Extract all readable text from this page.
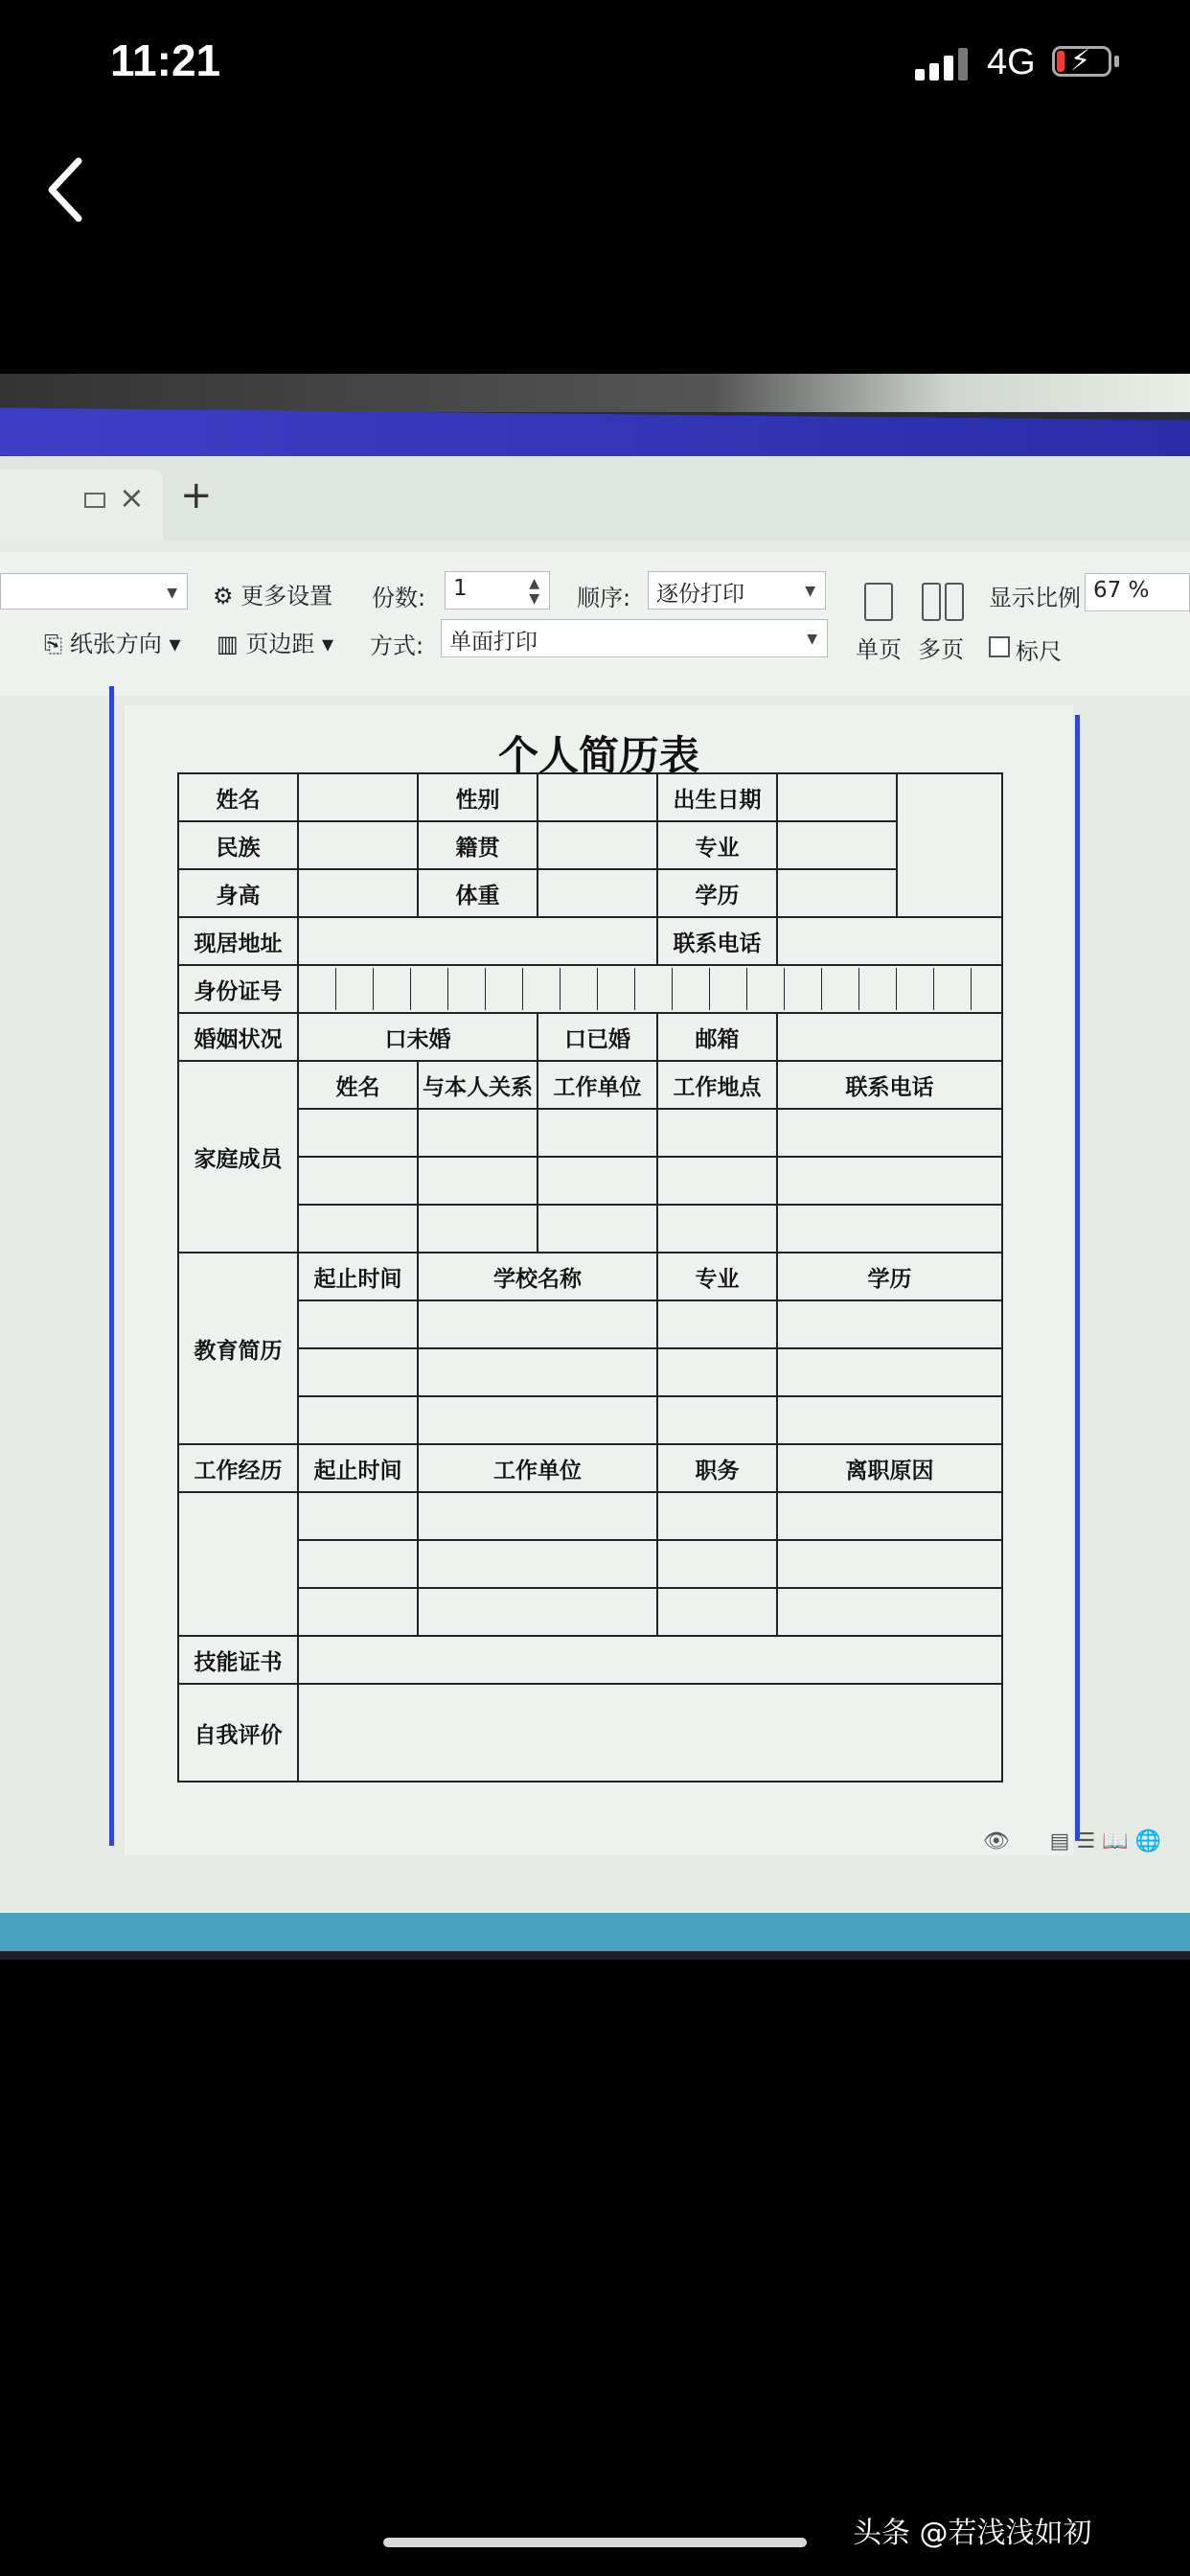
11:21	4G ⚡
× +
▼ ⚙ 更多设置 份数:	1	▲
▼ 顺序:	逐份打印	▼
单页 多页
显示比例 67 %
标尺
⎘ 纸张方向 ▾ ▥ 页边距 ▾ 方式:	单面打印	▼
个人简历表
姓名		性别		出生日期		
民族		籍贯		专业		
身高		体重		学历		
现居地址				联系电话		
身份证号						
婚姻状况	口未婚		口已婚	邮箱		
家庭成员	姓名	与本人关系	工作单位	工作地点	联系电话	

教育简历	起止时间	学校名称		专业	学历	

工作经历	起止时间	工作单位		职务	离职原因	

技能证书						
自我评价						
👁 ▤ ☰ 📖 🌐
头条 @若浅浅如初
